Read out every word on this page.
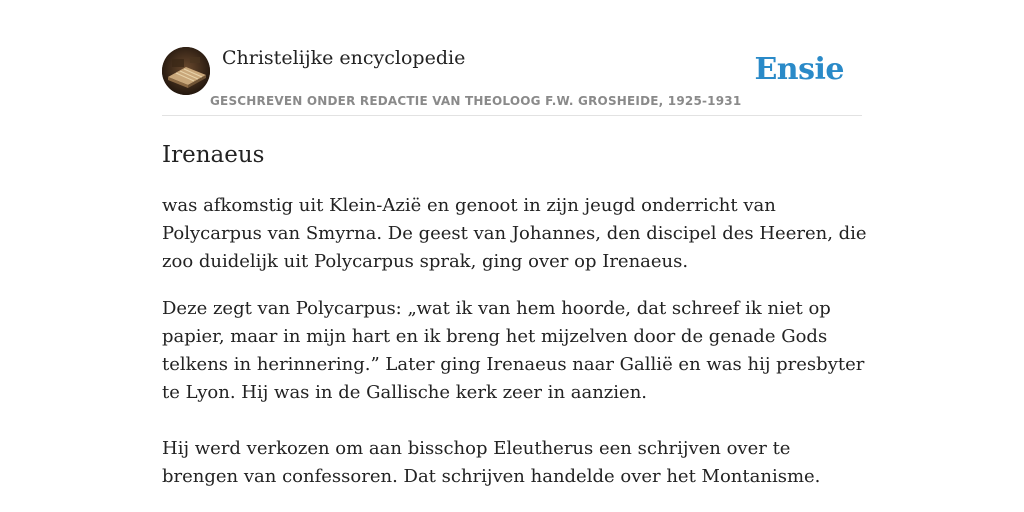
Christelijke encyclopedie
GESCHREVEN ONDER REDACTIE VAN THEOLOOG F.W. GROSHEIDE, 1925-1931
Ensie
Irenaeus

was afkomstig uit Klein-Azië en genoot in zijn jeugd onderricht van Polycarpus van Smyrna. De geest van Johannes, den discipel des Heeren, die zoo duidelijk uit Polycarpus sprak, ging over op Irenaeus.

Deze zegt van Polycarpus: „wat ik van hem hoorde, dat schreef ik niet op papier, maar in mijn hart en ik breng het mijzelven door de genade Gods telkens in herinnering.” Later ging Irenaeus naar Gallië en was hij presbyter te Lyon. Hij was in de Gallische kerk zeer in aanzien.

Hij werd verkozen om aan bisschop Eleutherus een schrijven over te brengen van confessoren. Dat schrijven handelde over het Montanisme.
